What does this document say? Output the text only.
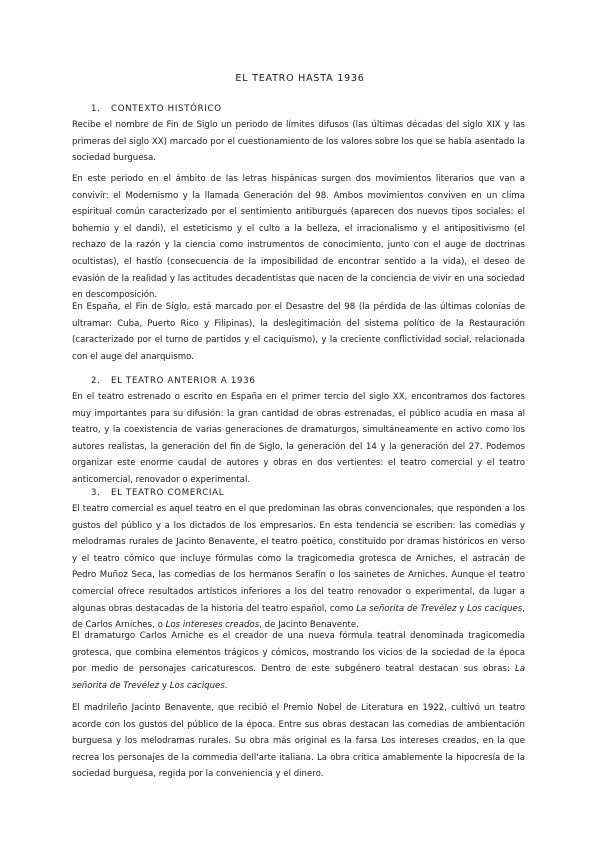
EL TEATRO HASTA 1936
1. CONTEXTO HISTÓRICO

Recibe el nombre de Fin de Siglo un periodo de límites difusos (las últimas décadas del siglo XIX y las primeras del siglo XX) marcado por el cuestionamiento de los valores sobre los que se había asentado la sociedad burguesa.

En este periodo en el ámbito de las letras hispánicas surgen dos movimientos literarios que van a convivir: el Modernismo y la llamada Generación del 98. Ambos movimientos conviven en un clima espiritual común caracterizado por el sentimiento antiburgués (aparecen dos nuevos tipos sociales: el bohemio y el dandi), el esteticismo y el culto a la belleza, el irracionalismo y el antipositivismo (el rechazo de la razón y la ciencia como instrumentos de conocimiento, junto con el auge de doctrinas ocultistas), el hastío (consecuencia de la imposibilidad de encontrar sentido a la vida), el deseo de evasión de la realidad y las actitudes decadentistas que nacen de la conciencia de vivir en una sociedad en descomposición.

En España, el Fin de Siglo, está marcado por el Desastre del 98 (la pérdida de las últimas colonias de ultramar: Cuba, Puerto Rico y Filipinas), la deslegitimación del sistema político de la Restauración (caracterizado por el turno de partidos y el caciquismo), y la creciente conflictividad social, relacionada con el auge del anarquismo.

2. EL TEATRO ANTERIOR A 1936

En el teatro estrenado o escrito en España en el primer tercio del siglo XX, encontramos dos factores muy importantes para su difusión: la gran cantidad de obras estrenadas, el público acudía en masa al teatro, y la coexistencia de varias generaciones de dramaturgos, simultáneamente en activo como los autores realistas, la generación del fin de Siglo, la generación del 14 y la generación del 27. Podemos organizar este enorme caudal de autores y obras en dos vertientes: el teatro comercial y el teatro anticomercial, renovador o experimental.

3. EL TEATRO COMERCIAL

El teatro comercial es aquel teatro en el que predominan las obras convencionales, que responden a los gustos del público y a los dictados de los empresarios. En esta tendencia se escriben: las comedias y melodramas rurales de Jacinto Benavente, el teatro poético, constituido por dramas históricos en verso y el teatro cómico que incluye fórmulas como la tragicomedia grotesca de Arniches, el astracán de Pedro Muñoz Seca, las comedias de los hermanos Serafín o los sainetes de Arniches. Aunque el teatro comercial ofrece resultados artísticos inferiores a los del teatro renovador o experimental, da lugar a algunas obras destacadas de la historia del teatro español, como La señorita de Trevélez y Los caciques, de Carlos Arniches, o Los intereses creados, de Jacinto Benavente.

El dramaturgo Carlos Arniche es el creador de una nueva fórmula teatral denominada tragicomedia grotesca, que combina elementos trágicos y cómicos, mostrando los vicios de la sociedad de la época por medio de personajes caricaturescos. Dentro de este subgénero teatral destacan sus obras: La señorita de Trevélez y Los caciques.

El madrileño Jacinto Benavente, que recibió el Premio Nobel de Literatura en 1922, cultivó un teatro acorde con los gustos del público de la época. Entre sus obras destacan las comedias de ambientación burguesa y los melodramas rurales. Su obra más original es la farsa Los intereses creados, en la que recrea los personajes de la commedia dell'arte italiana. La obra critica amablemente la hipocresía de la sociedad burguesa, regida por la conveniencia y el dinero.
